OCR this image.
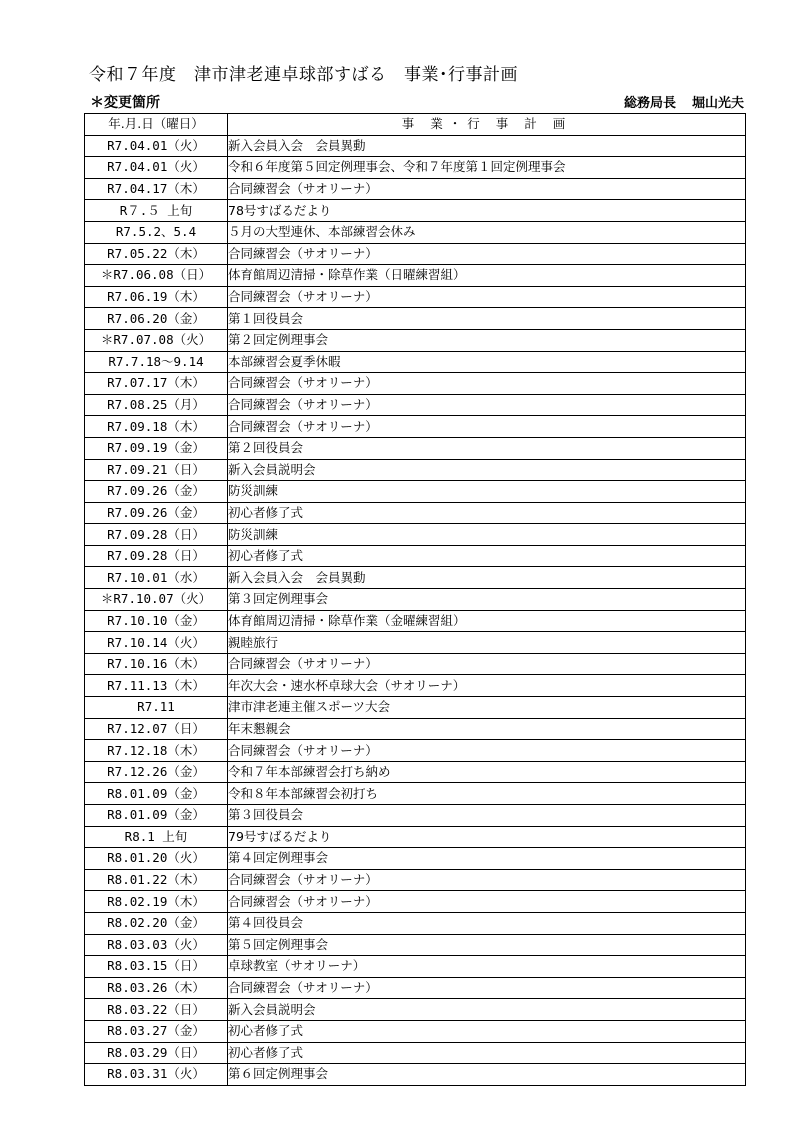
令和７年度　津市津老連卓球部すばる　事業･行事計画
＊変更箇所	総務局長 堀山光夫
年.月.日（曜日）	事 業・行 事 計 画
R7.04.01（火）	新入会員入会　会員異動
R7.04.01（火）	令和６年度第５回定例理事会、令和７年度第１回定例理事会
R7.04.17（木）	合同練習会（サオリーナ）
R７.５ 上旬	78号すばるだより
R7.5.2、5.4	５月の大型連休、本部練習会休み
R7.05.22（木）	合同練習会（サオリーナ）
＊R7.06.08（日）	体育館周辺清掃・除草作業（日曜練習組）
R7.06.19（木）	合同練習会（サオリーナ）
R7.06.20（金）	第１回役員会
＊R7.07.08（火）	第２回定例理事会
R7.7.18～9.14	本部練習会夏季休暇
R7.07.17（木）	合同練習会（サオリーナ）
R7.08.25（月）	合同練習会（サオリーナ）
R7.09.18（木）	合同練習会（サオリーナ）
R7.09.19（金）	第２回役員会
R7.09.21（日）	新入会員説明会
R7.09.26（金）	防災訓練
R7.09.26（金）	初心者修了式
R7.09.28（日）	防災訓練
R7.09.28（日）	初心者修了式
R7.10.01（水）	新入会員入会　会員異動
＊R7.10.07（火）	第３回定例理事会
R7.10.10（金）	体育館周辺清掃・除草作業（金曜練習組）
R7.10.14（火）	親睦旅行
R7.10.16（木）	合同練習会（サオリーナ）
R7.11.13（木）	年次大会・速水杯卓球大会（サオリーナ）
R7.11	津市津老連主催スポーツ大会
R7.12.07（日）	年末懇親会
R7.12.18（木）	合同練習会（サオリーナ）
R7.12.26（金）	令和７年本部練習会打ち納め
R8.01.09（金）	令和８年本部練習会初打ち
R8.01.09（金）	第３回役員会
R8.1 上旬	79号すばるだより
R8.01.20（火）	第４回定例理事会
R8.01.22（木）	合同練習会（サオリーナ）
R8.02.19（木）	合同練習会（サオリーナ）
R8.02.20（金）	第４回役員会
R8.03.03（火）	第５回定例理事会
R8.03.15（日）	卓球教室（サオリーナ）
R8.03.26（木）	合同練習会（サオリーナ）
R8.03.22（日）	新入会員説明会
R8.03.27（金）	初心者修了式
R8.03.29（日）	初心者修了式
R8.03.31（火）	第６回定例理事会
